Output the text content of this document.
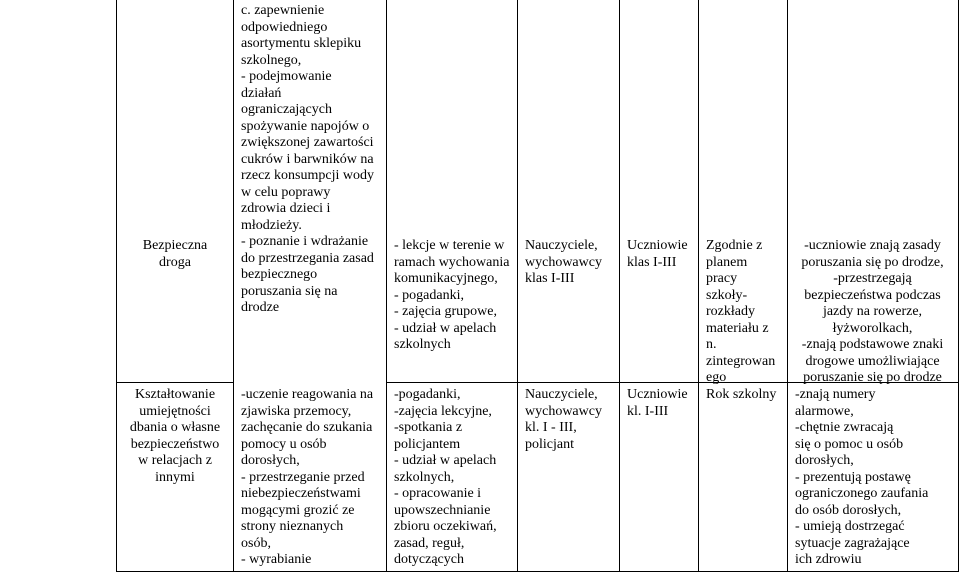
Bezpieczna
droga
c. zapewnienie
odpowiedniego
asortymentu sklepiku
szkolnego,
- podejmowanie
działań
ograniczających
spożywanie napojów o
zwiększonej zawartości
cukrów i barwników na
rzecz konsumpcji wody
w celu poprawy
zdrowia dzieci i
młodzieży.
- poznanie i wdrażanie
do przestrzegania zasad
bezpiecznego
poruszania się na
drodze
- lekcje w terenie w
ramach wychowania
komunikacyjnego,
- pogadanki,
- zajęcia grupowe,
- udział w apelach
szkolnych
Nauczyciele,
wychowawcy
klas I-III
Uczniowie
klas I-III
Zgodnie z
planem
pracy
szkoły-
rozkłady
materiału z
n.
zintegrowan
ego
-uczniowie znają zasady
poruszania się po drodze,
-przestrzegają
bezpieczeństwa podczas
jazdy na rowerze,
łyżworolkach,
-znają podstawowe znaki
drogowe umożliwiające
poruszanie się po drodze
Kształtowanie
umiejętności
dbania o własne
bezpieczeństwo
w relacjach z
innymi
-uczenie reagowania na
zjawiska przemocy,
zachęcanie do szukania
pomocy u osób
dorosłych,
- przestrzeganie przed
niebezpieczeństwami
mogącymi grozić ze
strony nieznanych
osób,
- wyrabianie
-pogadanki,
-zajęcia lekcyjne,
-spotkania z
policjantem
- udział w apelach
szkolnych,
- opracowanie i
upowszechnianie
zbioru oczekiwań,
zasad, reguł,
dotyczących
Nauczyciele,
wychowawcy
kl. I - III,
policjant
Uczniowie
kl. I-III
Rok szkolny	-znają numery
alarmowe,
-chętnie zwracają
się o pomoc u osób
dorosłych,
- prezentują postawę
ograniczonego zaufania
do osób dorosłych,
- umieją dostrzegać
sytuacje zagrażające
ich zdrowiu
